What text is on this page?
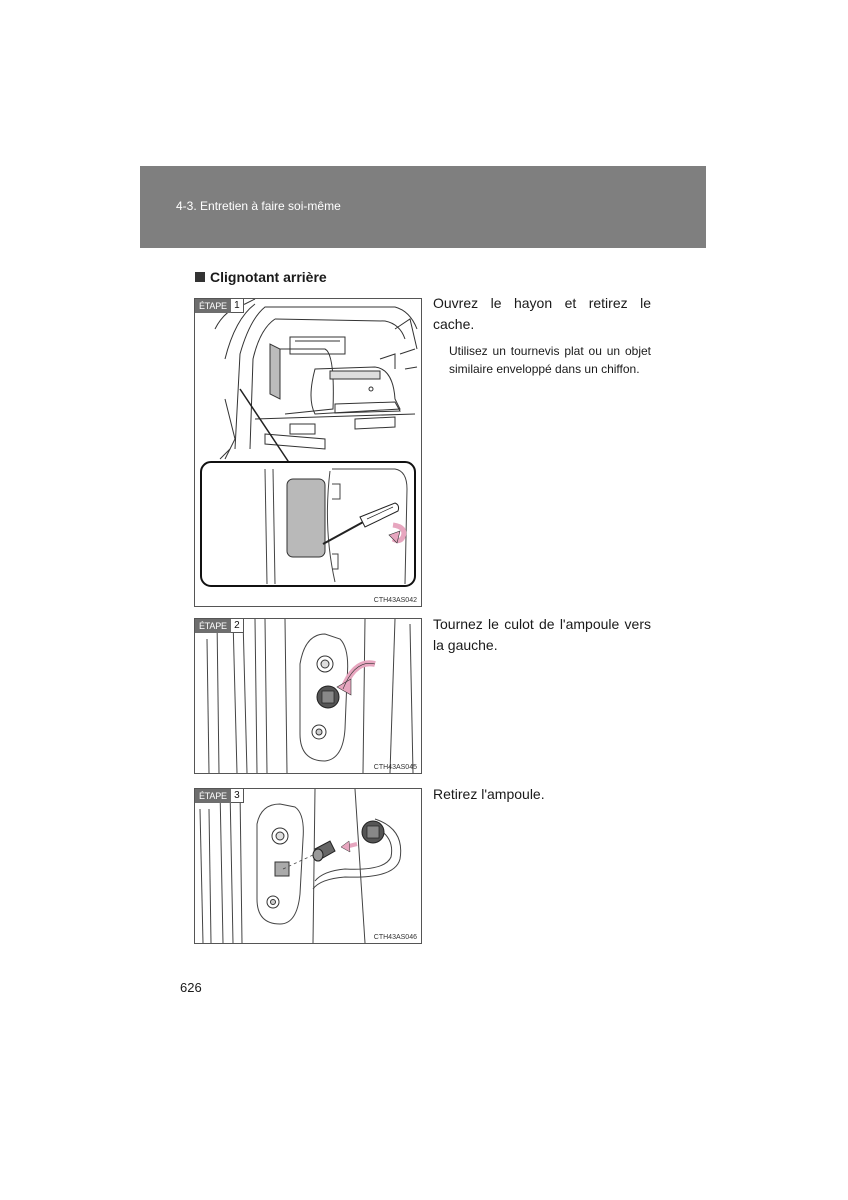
4-3. Entretien à faire soi-même
Clignotant arrière
ÉTAPE 1
CTH43AS042
Ouvrez le hayon et retirez le cache.
Utilisez un tournevis plat ou un objet similaire enveloppé dans un chiffon.
ÉTAPE 2
CTH43AS045
Tournez le culot de l'ampoule vers la gauche.
ÉTAPE 3
CTH43AS046
Retirez l'ampoule.
626
